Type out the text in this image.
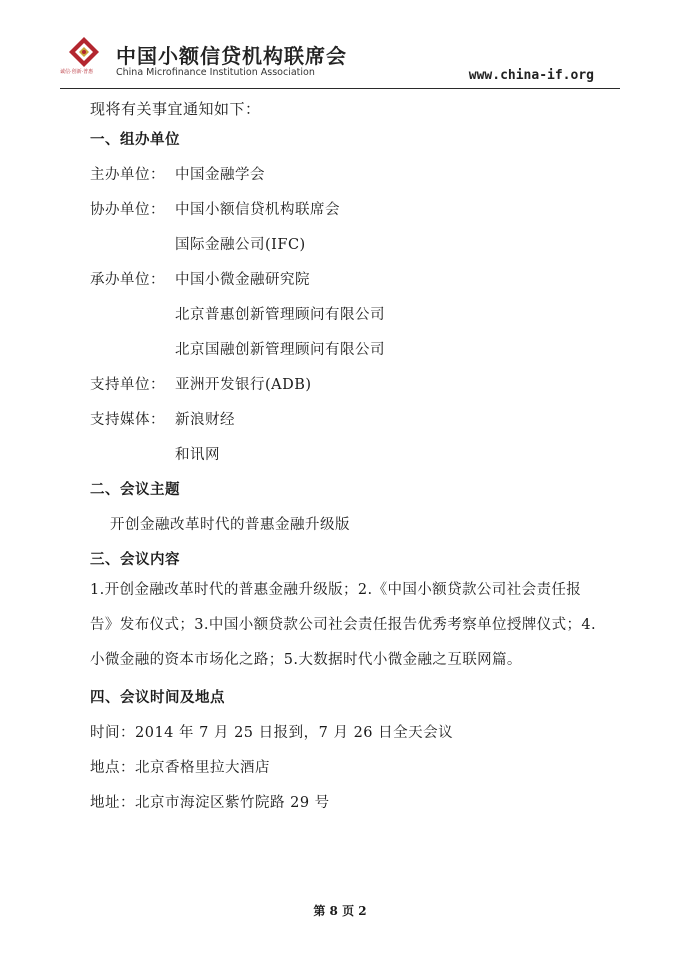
诚信·创新·普惠
中国小额信贷机构联席会
China Microfinance Institution Association	www.china-if.org
现将有关事宜通知如下：
一、组办单位
主办单位： 中国金融学会
协办单位： 中国小额信贷机构联席会
国际金融公司(IFC)
承办单位： 中国小微金融研究院
北京普惠创新管理顾问有限公司
北京国融创新管理顾问有限公司
支持单位： 亚洲开发银行(ADB)
支持媒体： 新浪财经
和讯网
二、会议主题
开创金融改革时代的普惠金融升级版
三、会议内容
1.开创金融改革时代的普惠金融升级版；2.《中国小额贷款公司社会责任报告》发布仪式；3.中国小额贷款公司社会责任报告优秀考察单位授牌仪式；4.小微金融的资本市场化之路；5.大数据时代小微金融之互联网篇。
四、会议时间及地点
时间：2014 年 7 月 25 日报到，7 月 26 日全天会议
地点：北京香格里拉大酒店
地址：北京市海淀区紫竹院路 29 号
第 8 页 2
